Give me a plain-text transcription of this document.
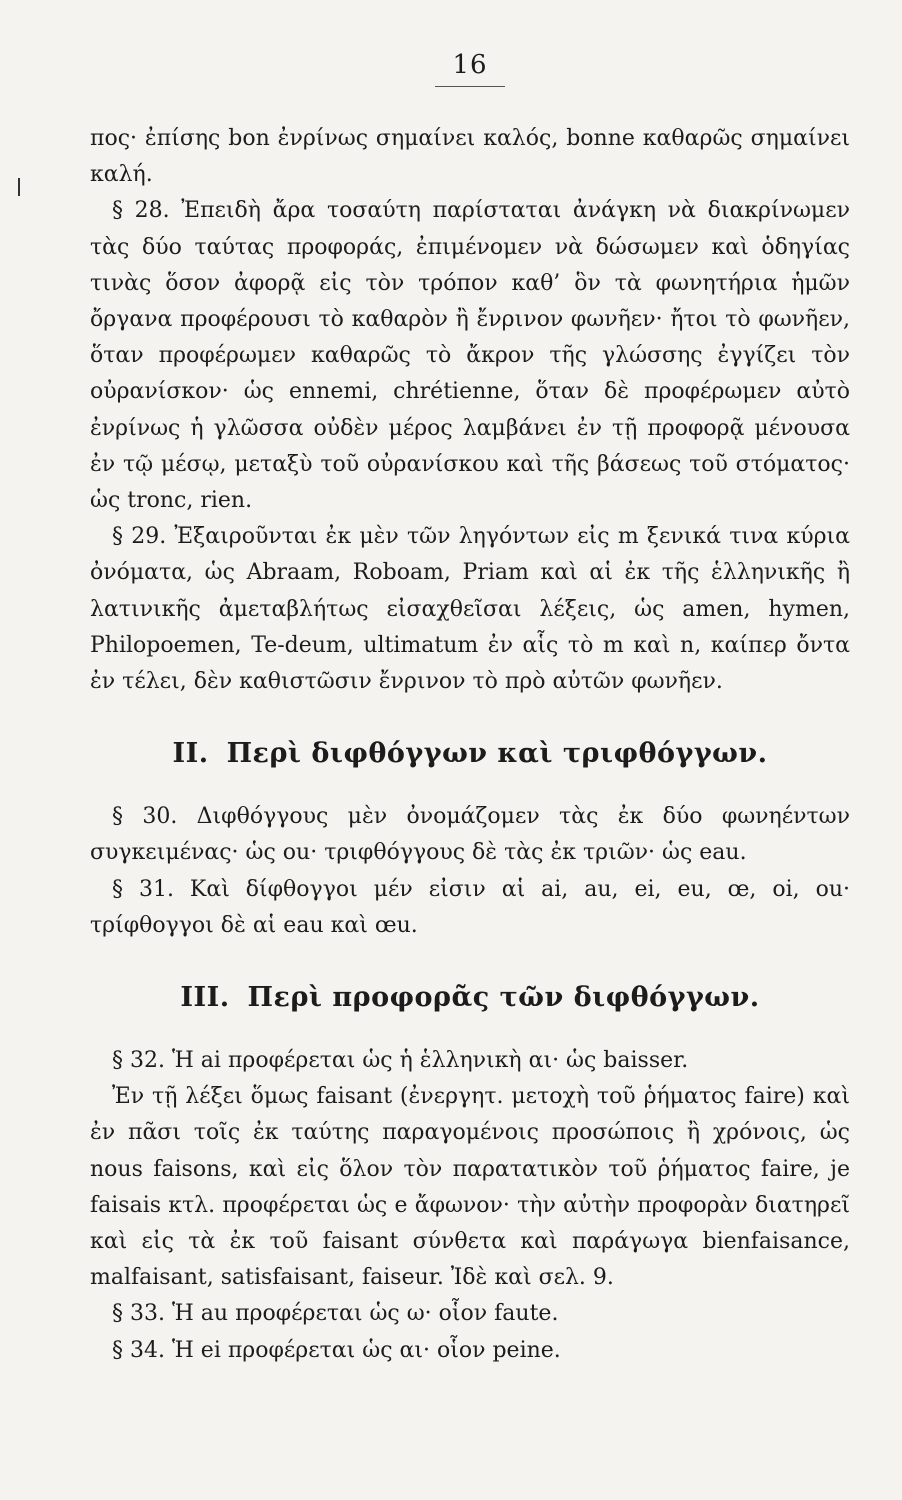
16

πος· ἐπίσης bon ἐνρίνως σημαίνει καλός, bonne καθαρῶς σημαίνει καλή.

§ 28. Ἐπειδὴ ἄρα τοσαύτη παρίσταται ἀνάγκη νὰ διακρίνωμεν τὰς δύο ταύτας προφοράς, ἐπιμένομεν νὰ δώσωμεν καὶ ὁδηγίας τινὰς ὅσον ἀφορᾷ εἰς τὸν τρόπον καθ’ ὃν τὰ φωνητήρια ἡμῶν ὄργανα προφέρουσι τὸ καθαρὸν ἢ ἔνρινον φωνῆεν· ἤτοι τὸ φωνῆεν, ὅταν προφέρωμεν καθαρῶς τὸ ἄκρον τῆς γλώσσης ἐγγίζει τὸν οὐρανίσκον· ὡς ennemi, chrétienne, ὅταν δὲ προφέρωμεν αὐτὸ ἐνρίνως ἡ γλῶσσα οὐδὲν μέρος λαμβάνει ἐν τῇ προφορᾷ μένουσα ἐν τῷ μέσῳ, μεταξὺ τοῦ οὐρανίσκου καὶ τῆς βάσεως τοῦ στόματος· ὡς tronc, rien.

§ 29. Ἐξαιροῦνται ἐκ μὲν τῶν ληγόντων εἰς m ξενικά τινα κύρια ὀνόματα, ὡς Abraam, Roboam, Priam καὶ αἱ ἐκ τῆς ἑλληνικῆς ἢ λατινικῆς ἀμεταβλήτως εἰσαχθεῖσαι λέξεις, ὡς amen, hymen, Philopoemen, Te-deum, ultimatum ἐν αἷς τὸ m καὶ n, καίπερ ὄντα ἐν τέλει, δὲν καθιστῶσιν ἔνρινον τὸ πρὸ αὐτῶν φωνῆεν.

II. Περὶ διφθόγγων καὶ τριφθόγγων.

§ 30. Διφθόγγους μὲν ὀνομάζομεν τὰς ἐκ δύο φωνηέντων συγκειμένας· ὡς ou· τριφθόγγους δὲ τὰς ἐκ τριῶν· ὡς eau.

§ 31. Καὶ δίφθογγοι μέν εἰσιν αἱ ai, au, ei, eu, œ, oi, ou· τρίφθογγοι δὲ αἱ eau καὶ œu.

III. Περὶ προφορᾶς τῶν διφθόγγων.

§ 32. Ἡ ai προφέρεται ὡς ἡ ἑλληνικὴ αι· ὡς baisser.

Ἐν τῇ λέξει ὅμως faisant (ἐνεργητ. μετοχὴ τοῦ ῥήματος faire) καὶ ἐν πᾶσι τοῖς ἐκ ταύτης παραγομένοις προσώποις ἢ χρόνοις, ὡς nous faisons, καὶ εἰς ὅλον τὸν παρατατικὸν τοῦ ῥήματος faire, je faisais κτλ. προφέρεται ὡς e ἄφωνον· τὴν αὐτὴν προφορὰν διατηρεῖ καὶ εἰς τὰ ἐκ τοῦ faisant σύνθετα καὶ παράγωγα bienfaisance, malfaisant, satisfaisant, faiseur. Ἰδὲ καὶ σελ. 9.

§ 33. Ἡ au προφέρεται ὡς ω· οἷον faute.

§ 34. Ἡ ei προφέρεται ὡς αι· οἷον peine.
